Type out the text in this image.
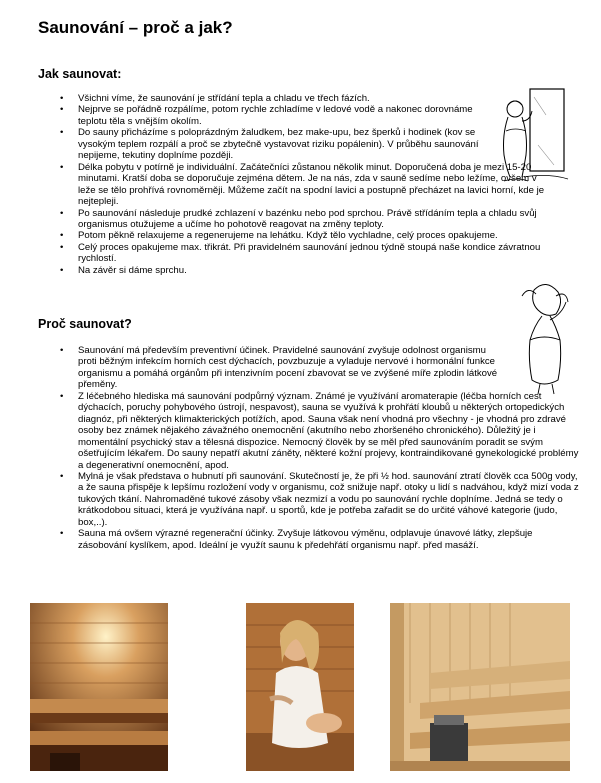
Saunování – proč a jak?
Jak saunovat:
• Všichni víme, že saunování je střídání tepla a chladu ve třech fázích.
• Nejprve se pořádně rozpálíme, potom rychle zchladíme v ledové vodě a nakonec dorovnáme teplotu těla s vnějším okolím.
• Do sauny přicházíme s poloprázdným žaludkem, bez make-upu, bez šperků i hodinek (kov se vysokým teplem rozpálí a proč se zbytečně vystavovat riziku popálenin). V průběhu saunování nepijeme, tekutiny doplníme později.
• Délka pobytu v potírně je individuální. Začátečníci zůstanou několik minut. Doporučená doba je mezi 15-20 minutami. Kratší doba se doporučuje zejména dětem. Je na nás, zda v sauně sedíme nebo ležíme, ovšem v leže se tělo prohřívá rovnoměrněji. Můžeme začít na spodní lavici a postupně přecházet na lavici horní, kde je nejtepleji.
• Po saunování následuje prudké zchlazení v bazénku nebo pod sprchou. Právě střídáním tepla a chladu svůj organismus otužujeme a učíme ho pohotově reagovat na změny teploty.
• Potom pěkně relaxujeme a regenerujeme na lehátku. Když tělo vychladne, celý proces opakujeme.
• Celý proces opakujeme max. třikrát. Při pravidelném saunování jednou týdně stoupá naše kondice závratnou rychlostí.
• Na závěr si dáme sprchu.
Proč saunovat?
• Saunování má především preventivní účinek. Pravidelné saunování zvyšuje odolnost organismu proti běžným infekcím horních cest dýchacích, povzbuzuje a vyladuje nervové i hormonální funkce organismu a pomáhá orgánům při intenzivním pocení zbavovat se ve zvýšené míře zplodin látkové přeměny.
• Z léčebného hlediska má saunování podpůrný význam. Známé je využívání aromaterapie (léčba horních cest dýchacích, poruchy pohybového ústrojí, nespavost), sauna se využívá k prohřátí kloubů u některých ortopedických diagnóz, při některých klimakterických potížích, apod. Sauna však není vhodná pro všechny - je vhodná pro zdravé osoby bez známek nějakého závažného onemocnění (akutního nebo zhoršeného chronického). Důležitý je i momentální psychický stav a tělesná dispozice. Nemocný člověk by se měl před saunováním poradit se svým ošetřujícím lékařem. Do sauny nepatří akutní záněty, některé kožní projevy, kontraindikované gynekologické problémy a degenerativní onemocnění, apod.
• Mylná je však představa o hubnutí při saunování. Skutečností je, že při ½ hod. saunování ztratí člověk cca 500g vody, a že sauna přispěje k lepšímu rozložení vody v organismu, což snižuje např. otoky u lidí s nadváhou, když mizí voda z tukových tkání. Nahromaděné tukové zásoby však nezmizí a vodu po saunování rychle doplníme. Jedná se tedy o krátkodobou situaci, která je využívána např. u sportů, kde je potřeba zařadit se do určité váhové kategorie (judo, box,..).
• Sauna má ovšem výrazné regenerační účinky. Zvyšuje látkovou výměnu, odplavuje únavové látky, zlepšuje zásobování kyslíkem, apod. Ideální je využít saunu k předehřátí organismu např. před masáží.
